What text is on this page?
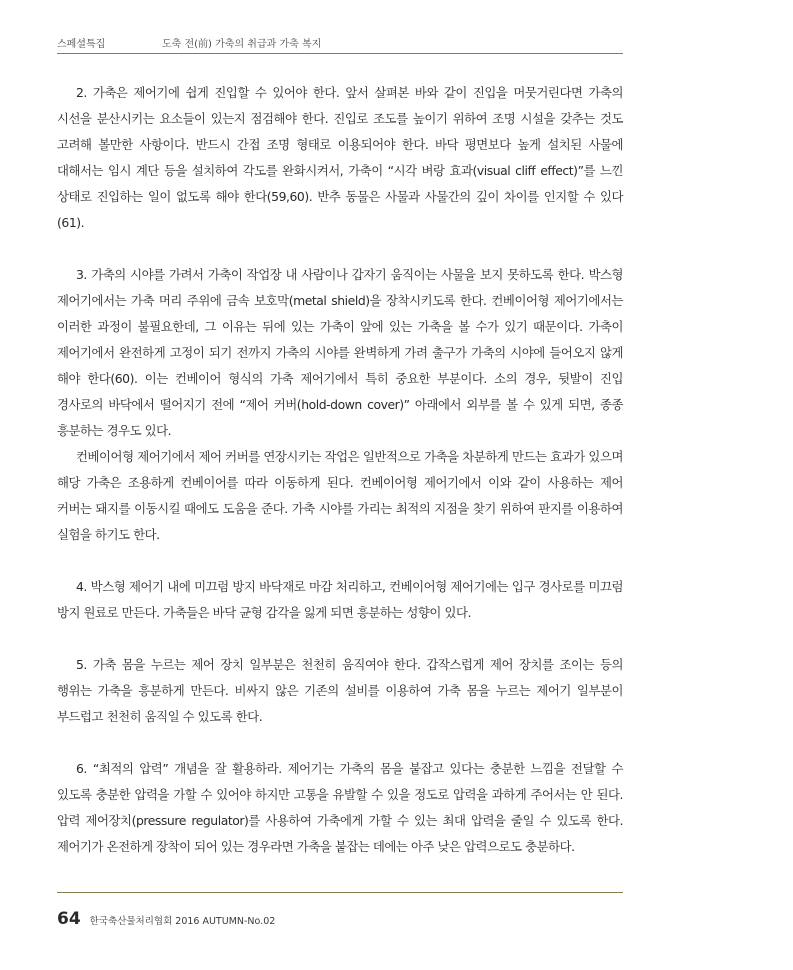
스페셜특집	도축 전(前) 가축의 취급과 가축 복지

2. 가축은 제어기에 쉽게 진입할 수 있어야 한다. 앞서 살펴본 바와 같이 진입을 머뭇거린다면 가축의 시선을 분산시키는 요소들이 있는지 점검해야 한다. 진입로 조도를 높이기 위하여 조명 시설을 갖추는 것도 고려해 볼만한 사항이다. 반드시 간접 조명 형태로 이용되어야 한다. 바닥 평면보다 높게 설치된 사물에 대해서는 임시 계단 등을 설치하여 각도를 완화시켜서, 가축이 “시각 벼랑 효과(visual cliff effect)”를 느낀 상태로 진입하는 일이 없도록 해야 한다(59,60). 반추 동물은 사물과 사물간의 깊이 차이를 인지할 수 있다(61).

3. 가축의 시야를 가려서 가축이 작업장 내 사람이나 갑자기 움직이는 사물을 보지 못하도록 한다. 박스형 제어기에서는 가축 머리 주위에 금속 보호막(metal shield)을 장착시키도록 한다. 컨베이어형 제어기에서는 이러한 과정이 불필요한데, 그 이유는 뒤에 있는 가축이 앞에 있는 가축을 볼 수가 있기 때문이다. 가축이 제어기에서 완전하게 고정이 되기 전까지 가축의 시야를 완벽하게 가려 출구가 가축의 시야에 들어오지 않게 해야 한다(60). 이는 컨베이어 형식의 가축 제어기에서 특히 중요한 부분이다. 소의 경우, 뒷발이 진입 경사로의 바닥에서 떨어지기 전에 “제어 커버(hold-down cover)” 아래에서 외부를 볼 수 있게 되면, 종종 흥분하는 경우도 있다.

컨베이어형 제어기에서 제어 커버를 연장시키는 작업은 일반적으로 가축을 차분하게 만드는 효과가 있으며 해당 가축은 조용하게 컨베이어를 따라 이동하게 된다. 컨베이어형 제어기에서 이와 같이 사용하는 제어 커버는 돼지를 이동시킬 때에도 도움을 준다. 가축 시야를 가리는 최적의 지점을 찾기 위하여 판지를 이용하여 실험을 하기도 한다.

4. 박스형 제어기 내에 미끄럼 방지 바닥재로 마감 처리하고, 컨베이어형 제어기에는 입구 경사로를 미끄럼 방지 원료로 만든다. 가축들은 바닥 균형 감각을 잃게 되면 흥분하는 성향이 있다.

5. 가축 몸을 누르는 제어 장치 일부분은 천천히 움직여야 한다. 갑작스럽게 제어 장치를 조이는 등의 행위는 가축을 흥분하게 만든다. 비싸지 않은 기존의 설비를 이용하여 가축 몸을 누르는 제어기 일부분이 부드럽고 천천히 움직일 수 있도록 한다.

6. “최적의 압력” 개념을 잘 활용하라. 제어기는 가축의 몸을 붙잡고 있다는 충분한 느낌을 전달할 수 있도록 충분한 압력을 가할 수 있어야 하지만 고통을 유발할 수 있을 정도로 압력을 과하게 주어서는 안 된다. 압력 제어장치(pressure regulator)를 사용하여 가축에게 가할 수 있는 최대 압력을 줄일 수 있도록 한다. 제어기가 온전하게 장착이 되어 있는 경우라면 가축을 붙잡는 데에는 아주 낮은 압력으로도 충분하다.

64 한국축산물처리협회 2016 AUTUMN-No.02
